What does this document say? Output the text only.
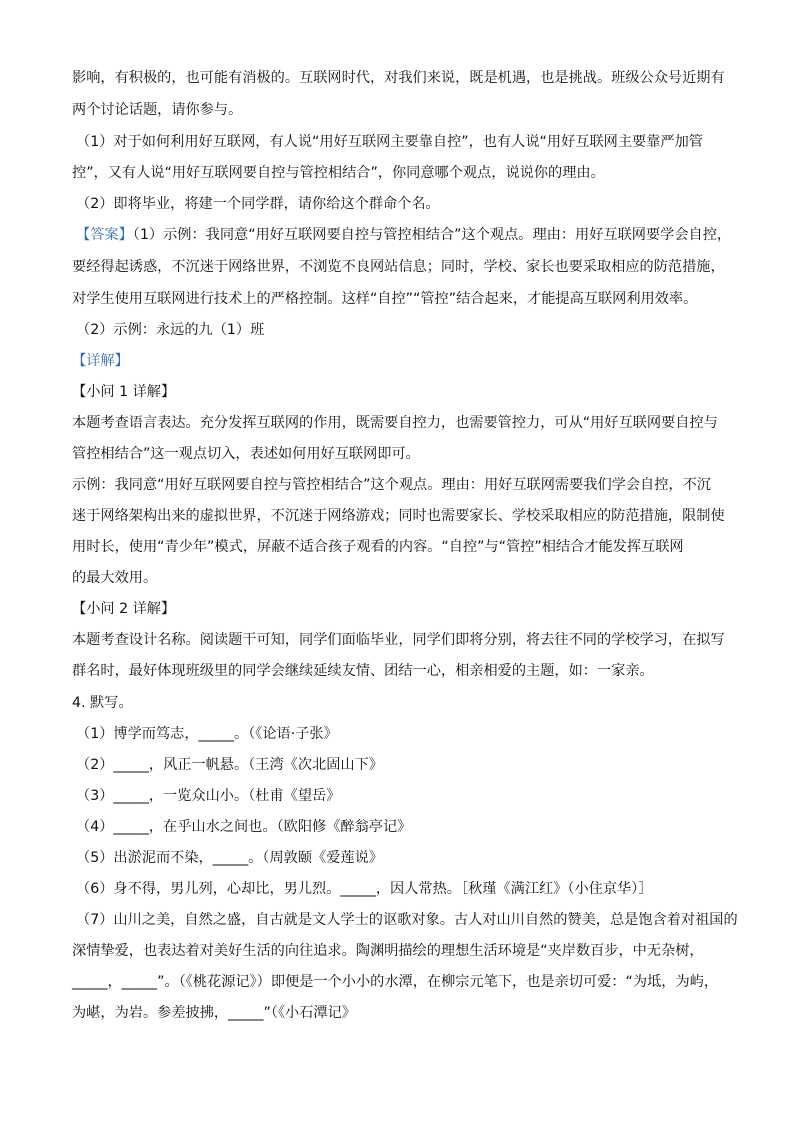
影响，有积极的，也可能有消极的。互联网时代，对我们来说，既是机遇，也是挑战。班级公众号近期有
两个讨论话题，请你参与。
（1）对于如何利用好互联网，有人说“用好互联网主要靠自控”，也有人说“用好互联网主要靠严加管
控”，又有人说“用好互联网要自控与管控相结合”，你同意哪个观点，说说你的理由。
（2）即将毕业，将建一个同学群，请你给这个群命个名。
【答案】（1）示例：我同意“用好互联网要自控与管控相结合”这个观点。理由：用好互联网要学会自控，
要经得起诱惑，不沉迷于网络世界，不浏览不良网站信息；同时，学校、家长也要采取相应的防范措施，
对学生使用互联网进行技术上的严格控制。这样“自控”“管控”结合起来，才能提高互联网利用效率。
（2）示例：永远的九（1）班
【详解】
【小问 1 详解】
本题考查语言表达。充分发挥互联网的作用，既需要自控力，也需要管控力，可从“用好互联网要自控与
管控相结合”这一观点切入，表述如何用好互联网即可。
示例：我同意“用好互联网要自控与管控相结合”这个观点。理由：用好互联网需要我们学会自控，不沉
迷于网络架构出来的虚拟世界，不沉迷于网络游戏；同时也需要家长、学校采取相应的防范措施，限制使
用时长，使用“青少年”模式，屏蔽不适合孩子观看的内容。“自控”与“管控”相结合才能发挥互联网
的最大效用。
【小问 2 详解】
本题考查设计名称。阅读题干可知，同学们面临毕业，同学们即将分别，将去往不同的学校学习，在拟写
群名时，最好体现班级里的同学会继续延续友情、团结一心，相亲相爱的主题，如：一家亲。
4. 默写。
（1）博学而笃志，_____。（《论语·子张》
（2）_____，风正一帆悬。（王湾《次北固山下》
（3）_____，一览众山小。（杜甫《望岳》
（4）_____，在乎山水之间也。（欧阳修《醉翁亭记》
（5）出淤泥而不染，_____。（周敦颐《爱莲说》
（6）身不得，男儿列，心却比，男儿烈。_____，因人常热。［秋瑾《满江红》（小住京华）］
（7）山川之美，自然之盛，自古就是文人学士的讴歌对象。古人对山川自然的赞美，总是饱含着对祖国的
深情挚爱，也表达着对美好生活的向往追求。陶渊明描绘的理想生活环境是“夹岸数百步，中无杂树，
_____，_____”。（《桃花源记》）即便是一个小小的水潭，在柳宗元笔下，也是亲切可爱：“为坻，为屿，
为嵁，为岩。参差披拂，_____”（《小石潭记》
